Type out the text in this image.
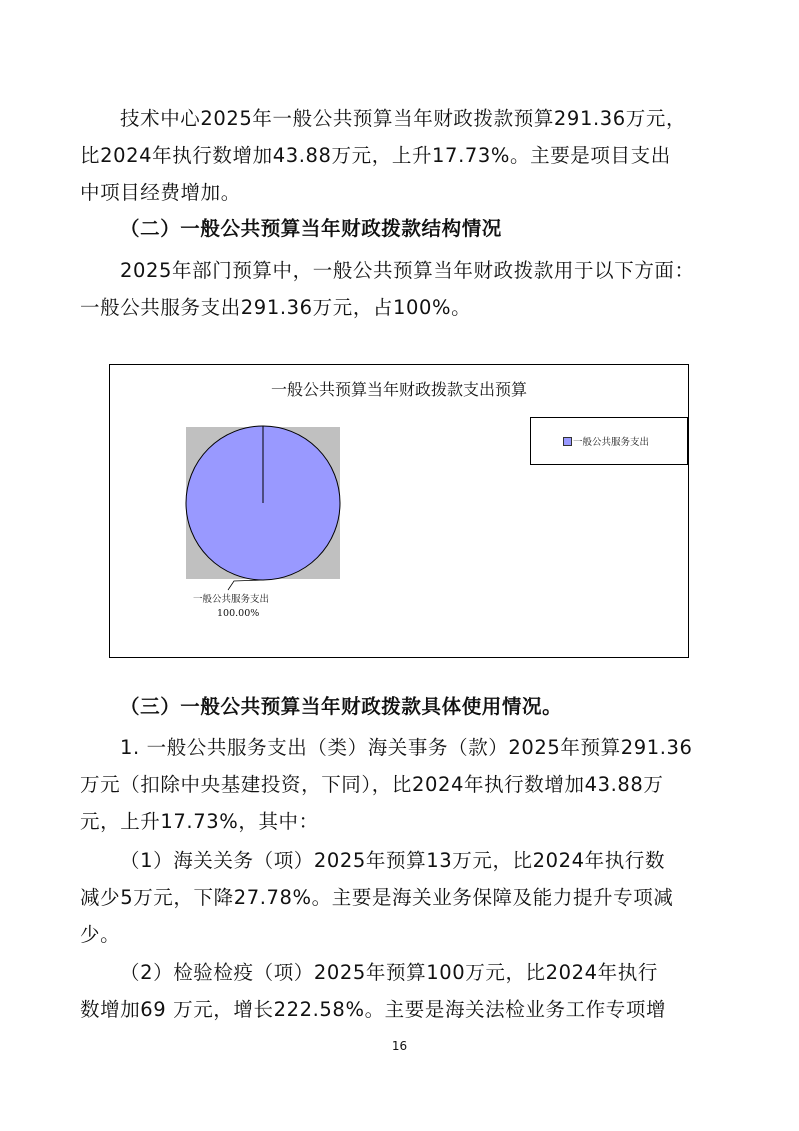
技术中心2025年一般公共预算当年财政拨款预算291.36万元，
比2024年执行数增加43.88万元，上升17.73%。主要是项目支出
中项目经费增加。
（二）一般公共预算当年财政拨款结构情况
2025年部门预算中，一般公共预算当年财政拨款用于以下方面：
一般公共服务支出291.36万元，占100%。
一般公共预算当年财政拨款支出预算
一般公共服务支出
一般公共服务支出
100.00%
（三）一般公共预算当年财政拨款具体使用情况。
1. 一般公共服务支出（类）海关事务（款）2025年预算291.36
万元（扣除中央基建投资，下同），比2024年执行数增加43.88万
元，上升17.73%，其中：
（1）海关关务（项）2025年预算13万元，比2024年执行数
减少5万元，下降27.78%。主要是海关业务保障及能力提升专项减
少。
（2）检验检疫（项）2025年预算100万元，比2024年执行
数增加69 万元，增长222.58%。主要是海关法检业务工作专项增
16
